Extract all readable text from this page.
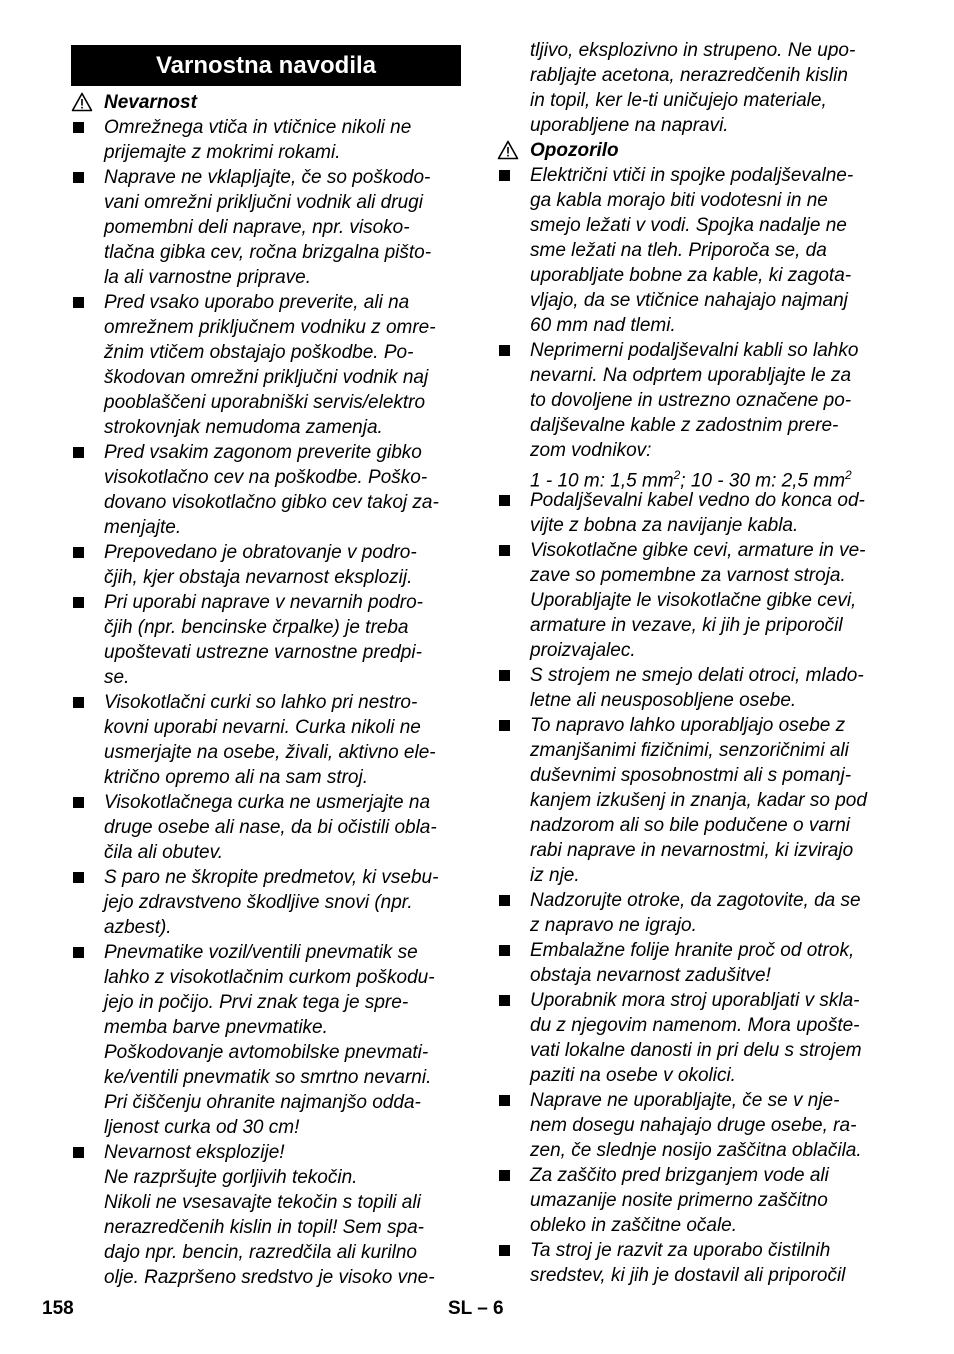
Varnostna navodila
Nevarnost
Omrežnega vtiča in vtičnice nikoli ne
prijemajte z mokrimi rokami.
Naprave ne vklapljajte, če so poškodo-
vani omrežni priključni vodnik ali drugi
pomembni deli naprave, npr. visoko-
tlačna gibka cev, ročna brizgalna pišto-
la ali varnostne priprave.
Pred vsako uporabo preverite, ali na
omrežnem priključnem vodniku z omre-
žnim vtičem obstajajo poškodbe. Po-
škodovan omrežni priključni vodnik naj
pooblaščeni uporabniški servis/elektro
strokovnjak nemudoma zamenja.
Pred vsakim zagonom preverite gibko
visokotlačno cev na poškodbe. Poško-
dovano visokotlačno gibko cev takoj za-
menjajte.
Prepovedano je obratovanje v podro-
čjih, kjer obstaja nevarnost eksplozij.
Pri uporabi naprave v nevarnih podro-
čjih (npr. bencinske črpalke) je treba
upoštevati ustrezne varnostne predpi-
se.
Visokotlačni curki so lahko pri nestro-
kovni uporabi nevarni. Curka nikoli ne
usmerjajte na osebe, živali, aktivno ele-
ktrično opremo ali na sam stroj.
Visokotlačnega curka ne usmerjajte na
druge osebe ali nase, da bi očistili obla-
čila ali obutev.
S paro ne škropite predmetov, ki vsebu-
jejo zdravstveno škodljive snovi (npr.
azbest).
Pnevmatike vozil/ventili pnevmatik se
lahko z visokotlačnim curkom poškodu-
jejo in počijo. Prvi znak tega je spre-
memba barve pnevmatike.
Poškodovanje avtomobilske pnevmati-
ke/ventili pnevmatik so smrtno nevarni.
Pri čiščenju ohranite najmanjšo odda-
ljenost curka od 30 cm!
Nevarnost eksplozije!
Ne razpršujte gorljivih tekočin.
Nikoli ne vsesavajte tekočin s topili ali
nerazredčenih kislin in topil! Sem spa-
dajo npr. bencin, razredčila ali kurilno
olje. Razpršeno sredstvo je visoko vne-
tljivo, eksplozivno in strupeno. Ne upo-
rabljajte acetona, nerazredčenih kislin
in topil, ker le-ti uničujejo materiale,
uporabljene na napravi.
Opozorilo
Električni vtiči in spojke podaljševalne-
ga kabla morajo biti vodotesni in ne
smejo ležati v vodi. Spojka nadalje ne
sme ležati na tleh. Priporoča se, da
uporabljate bobne za kable, ki zagota-
vljajo, da se vtičnice nahajajo najmanj
60 mm nad tlemi.
Neprimerni podaljševalni kabli so lahko
nevarni. Na odprtem uporabljajte le za
to dovoljene in ustrezno označene po-
daljševalne kable z zadostnim prere-
zom vodnikov:
1 - 10 m: 1,5 $mm^2$; 10 - 30 m: 2,5 $mm^2$
Podaljševalni kabel vedno do konca od-
vijte z bobna za navijanje kabla.
Visokotlačne gibke cevi, armature in ve-
zave so pomembne za varnost stroja.
Uporabljajte le visokotlačne gibke cevi,
armature in vezave, ki jih je priporočil
proizvajalec.
S strojem ne smejo delati otroci, mlado-
letne ali neusposobljene osebe.
To napravo lahko uporabljajo osebe z
zmanjšanimi fizičnimi, senzoričnimi ali
duševnimi sposobnostmi ali s pomanj-
kanjem izkušenj in znanja, kadar so pod
nadzorom ali so bile podučene o varni
rabi naprave in nevarnostmi, ki izvirajo
iz nje.
Nadzorujte otroke, da zagotovite, da se
z napravo ne igrajo.
Embalažne folije hranite proč od otrok,
obstaja nevarnost zadušitve!
Uporabnik mora stroj uporabljati v skla-
du z njegovim namenom. Mora upošte-
vati lokalne danosti in pri delu s strojem
paziti na osebe v okolici.
Naprave ne uporabljajte, če se v nje-
nem dosegu nahajajo druge osebe, ra-
zen, če slednje nosijo zaščitna oblačila.
Za zaščito pred brizganjem vode ali
umazanije nosite primerno zaščitno
obleko in zaščitne očale.
Ta stroj je razvit za uporabo čistilnih
sredstev, ki jih je dostavil ali priporočil
158	SL – 6
